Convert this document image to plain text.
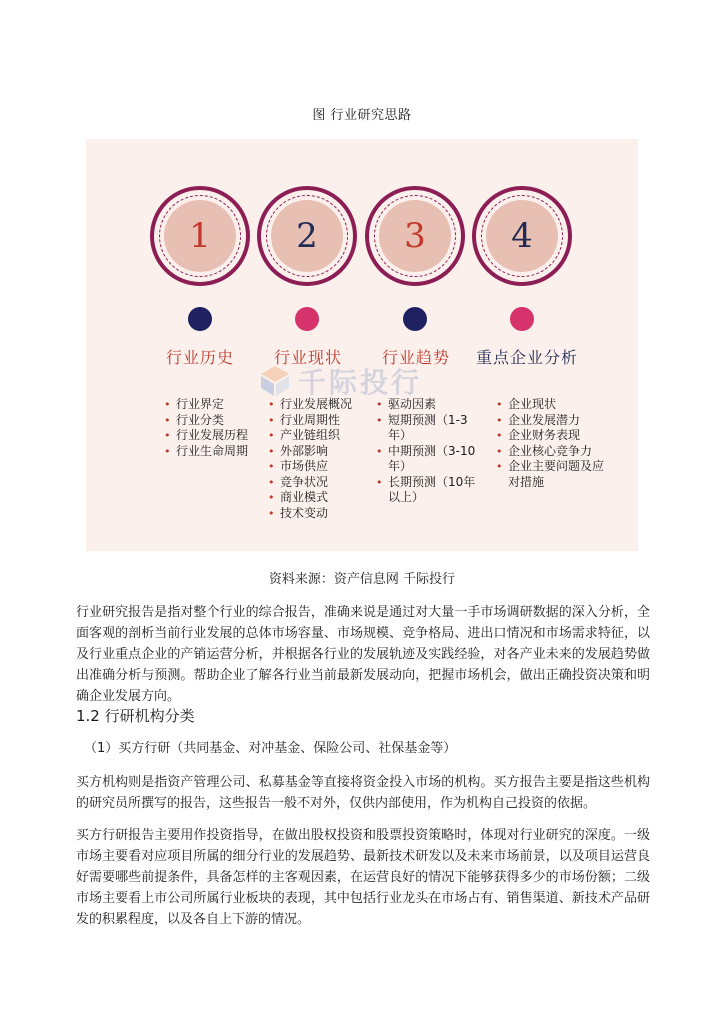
图 行业研究思路
1
行业历史
• 行业界定
• 行业分类
• 行业发展历程
• 行业生命周期
2
行业现状
• 行业发展概况
• 行业周期性
• 产业链组织
• 外部影响
• 市场供应
• 竞争状况
• 商业模式
• 技术变动
3
行业趋势
• 驱动因素
• 短期预测（1-3年）
• 中期预测（3-10年）
• 长期预测（10年以上）
4
重点企业分析
• 企业现状
• 企业发展潜力
• 企业财务表现
• 企业核心竞争力
• 企业主要问题及应对措施
千际投行
资料来源：资产信息网 千际投行

行业研究报告是指对整个行业的综合报告，准确来说是通过对大量一手市场调研数据的深入分析，全面客观的剖析当前行业发展的总体市场容量、市场规模、竞争格局、进出口情况和市场需求特征，以及行业重点企业的产销运营分析，并根据各行业的发展轨迹及实践经验，对各产业未来的发展趋势做出准确分析与预测。帮助企业了解各行业当前最新发展动向，把握市场机会，做出正确投资决策和明确企业发展方向。

1.2 行研机构分类

（1）买方行研（共同基金、对冲基金、保险公司、社保基金等）

买方机构则是指资产管理公司、私募基金等直接将资金投入市场的机构。买方报告主要是指这些机构的研究员所撰写的报告，这些报告一般不对外，仅供内部使用，作为机构自己投资的依据。

买方行研报告主要用作投资指导，在做出股权投资和股票投资策略时，体现对行业研究的深度。一级市场主要看对应项目所属的细分行业的发展趋势、最新技术研发以及未来市场前景，以及项目运营良好需要哪些前提条件，具备怎样的主客观因素，在运营良好的情况下能够获得多少的市场份额；二级市场主要看上市公司所属行业板块的表现，其中包括行业龙头在市场占有、销售渠道、新技术产品研发的积累程度，以及各自上下游的情况。
